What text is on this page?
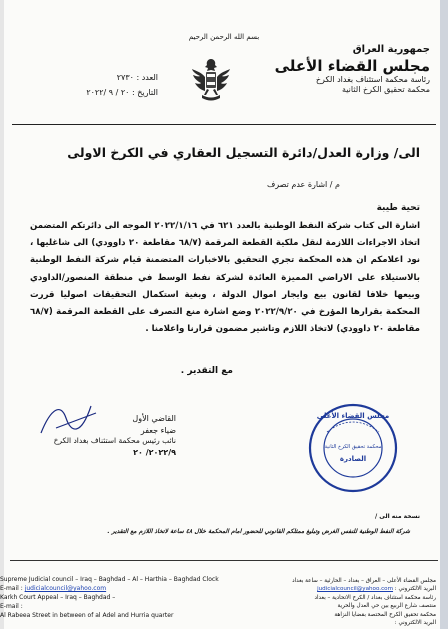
بسم الله الرحمن الرحيم
جمهورية العراق
مجلس القضاء الأعلى
رئاسة محكمة استئناف بغداد الكرخ
محكمة تحقيق الكرخ الثانية
العدد : ٢٧٣٠
التاريخ : ٢٠ / ٩ /٢٠٢٢
الى/ وزارة العدل/دائرة التسجيل العقاري في الكرخ الاولى
م / اشارة عدم تصرف
تحية طيبة
اشارة الى كتاب شركة النفط الوطنية بالعدد ٦٢١ في ٢٠٢٢/١/١٦ الموجه الى دائرتكم المتضمن اتخاذ الاجراءات اللازمة لنقل ملكية القطعة المرقمة (٦٨/٧ مقاطعة ٢٠ داوودي) الى شاغليها ، نود اعلامكم ان هذه المحكمة تجري التحقيق بالاخبارات المتضمنة قيام شركة النفط الوطنية بالاستيلاء على الاراضي المميزة العائدة لشركة نفط الوسط في منطقة المنصور/الداودي وبيعها خلافا لقانون بيع وايجار اموال الدولة ، وبغية استكمال التحقيقات اصوليا قررت المحكمة بقرارها المؤرخ في ٢٠٢٢/٩/٢٠ وضع اشارة منع التصرف على القطعة المرقمة (٦٨/٧ مقاطعة ٢٠ داوودي) لاتخاذ اللازم وتاشير مضمون قرارنا واعلامنا .
مع التقدير .
القاضي الأول
ضياء جعفر
نائب رئيس محكمة استئناف بغداد الكرخ
٢٠٢٢/٩/ ٢٠
مجلس القضاء الأعلى
محكمة تحقيق الكرخ الثانية
الصادرة
نسخة منه الى /
شركة النفط الوطنية للنفس الغرض وتبليغ ممثلكم القانوني للحضور امام المحكمة خلال ٤٨ ساعة لاتخاذ اللازم مع التقدير .
Supreme Judicial council – Iraq – Baghdad – Al – Harthia – Baghdad Clock
E-mail : judicialcouncil@yahoo.com
Karkh Court Appeal – Iraq – Baghdad –
E-mail :
Al Rabeea Street in between of al Adel and Hurria quarter
مجلس القضاء الأعلى – العراق – بغداد – الحارثية – ساعة بغداد
البريد الالكتروني : judicialcouncil@yahoo.com
رئاسة محكمة استئناف بغداد / الكرخ الاتحادية – بغداد
منتصف شارع الربيع بين حي العدل والحرية
محكمة تحقيق الكرخ المختصة بقضايا النزاهة
البريد الالكتروني :
